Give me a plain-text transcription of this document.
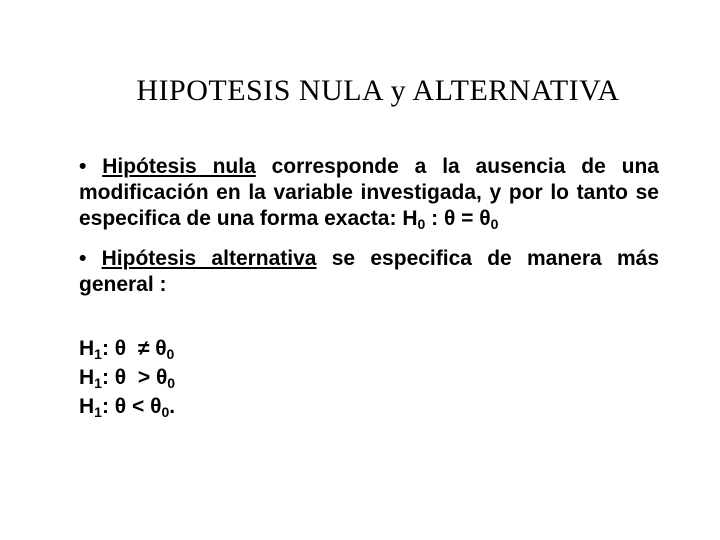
HIPOTESIS NULA y ALTERNATIVA

• Hipótesis nula corresponde a la ausencia de una modificación en la variable investigada, y por lo tanto se especifica de una forma exacta: $H_0$ : $\theta = \theta_0$

• Hipótesis alternativa se especifica de manera más general :

$H_1$: $\theta \ne \theta_0$
$H_1$: $\theta > \theta_0$
$H_1$: $\theta < \theta_0$.
